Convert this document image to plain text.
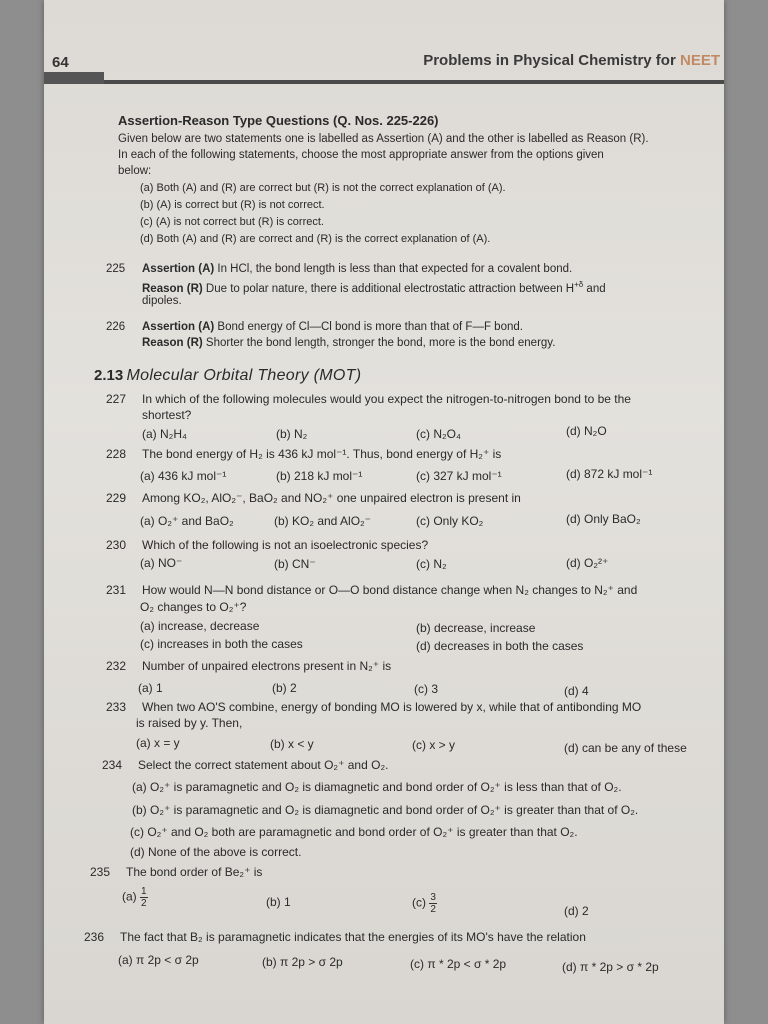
64	Problems in Physical Chemistry for NEET
Assertion-Reason Type Questions (Q. Nos. 225-226)
Given below are two statements one is labelled as Assertion (A) and the other is labelled as Reason (R).
In each of the following statements, choose the most appropriate answer from the options given
below:
(a) Both (A) and (R) are correct but (R) is not the correct explanation of (A).
(b) (A) is correct but (R) is not correct.
(c) (A) is not correct but (R) is correct.
(d) Both (A) and (R) are correct and (R) is the correct explanation of (A).
225 Assertion (A) In HCl, the bond length is less than that expected for a covalent bond.
Reason (R) Due to polar nature, there is additional electrostatic attraction between $H^{+\delta}$ and
dipoles.
226 Assertion (A) Bond energy of Cl—Cl bond is more than that of F—F bond.
Reason (R) Shorter the bond length, stronger the bond, more is the bond energy.
2.13 Molecular Orbital Theory (MOT)
227 In which of the following molecules would you expect the nitrogen-to-nitrogen bond to be the
shortest?
(a) N₂H₄	(b) N₂	(c) N₂O₄	(d) N₂O
228 The bond energy of H₂ is 436 kJ mol⁻¹. Thus, bond energy of H₂⁺ is
(a) 436 kJ mol⁻¹	(b) 218 kJ mol⁻¹	(c) 327 kJ mol⁻¹	(d) 872 kJ mol⁻¹
229 Among KO₂, AlO₂⁻, BaO₂ and NO₂⁺ one unpaired electron is present in
(a) O₂⁺ and BaO₂	(b) KO₂ and AlO₂⁻	(c) Only KO₂	(d) Only BaO₂
230 Which of the following is not an isoelectronic species?
(a) NO⁻	(b) CN⁻	(c) N₂	(d) O₂²⁺
231 How would N—N bond distance or O—O bond distance change when N₂ changes to N₂⁺ and
O₂ changes to O₂⁺?
(a) increase, decrease	(b) decrease, increase
(c) increases in both the cases	(d) decreases in both the cases
232 Number of unpaired electrons present in N₂⁺ is
(a) 1	(b) 2	(c) 3	(d) 4
233 When two AO'S combine, energy of bonding MO is lowered by x, while that of antibonding MO
is raised by y. Then,
(a) x = y	(b) x < y	(c) x > y	(d) can be any of these
234 Select the correct statement about O₂⁺ and O₂.
(a) O₂⁺ is paramagnetic and O₂ is diamagnetic and bond order of O₂⁺ is less than that of O₂.
(b) O₂⁺ is paramagnetic and O₂ is diamagnetic and bond order of O₂⁺ is greater than that of O₂.
(c) O₂⁺ and O₂ both are paramagnetic and bond order of O₂⁺ is greater than that O₂.
(d) None of the above is correct.
235 The bond order of Be₂⁺ is
$(a) \frac{1}{2}$	(b) 1	$(c) \frac{3}{2}$	(d) 2
236 The fact that B₂ is paramagnetic indicates that the energies of its MO's have the relation
(a) π 2p < σ 2p	(b) π 2p > σ 2p	(c) π * 2p < σ * 2p	(d) π * 2p > σ * 2p
